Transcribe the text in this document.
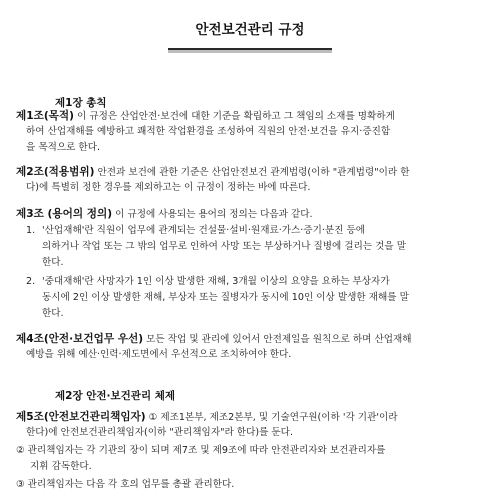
안전보건관리 규정
제1장 총칙
제1조(목적) 이 규정은 산업안전·보건에 대한 기준을 확립하고 그 책임의 소재를 명확하게
하여 산업재해를 예방하고 쾌적한 작업환경을 조성하여 직원의 안전·보건을 유지·증진함
을 목적으로 한다.
제2조(적용범위) 안전과 보건에 관한 기준은 산업안전보건 관계법령(이하 "관계법령"이라 한
다)에 특별히 정한 경우를 제외하고는 이 규정이 정하는 바에 따른다.
제3조 (용어의 정의) 이 규정에 사용되는 용어의 정의는 다음과 같다.
1. '산업재해'란 직원이 업무에 관계되는 건설물·설비·원재료·가스·증기·분진 등에
의하거나 작업 또는 그 밖의 업무로 인하여 사망 또는 부상하거나 질병에 걸리는 것을 말
한다.
2. '중대재해'란 사망자가 1인 이상 발생한 재해, 3개월 이상의 요양을 요하는 부상자가
동시에 2인 이상 발생한 재해, 부상자 또는 질병자가 동시에 10인 이상 발생한 재해를 말
한다.
제4조(안전·보건업무 우선) 모든 작업 및 관리에 있어서 안전제일을 원칙으로 하며 산업재해
예방을 위해 예산·인력·제도면에서 우선적으로 조치하여야 한다.
제2장 안전·보건관리 체제
제5조(안전보건관리책임자) ① 제조1본부, 제조2본부, 및 기술연구원(이하 '각 기관'이라
한다)에 안전보건관리책임자(이하 "관리책임자"라 한다)를 둔다.
② 관리책임자는 각 기관의 장이 되며 제7조 및 제9조에 따라 안전관리자와 보건관리자를
지휘 감독한다.
③ 관리책임자는 다음 각 호의 업무를 총괄 관리한다.
